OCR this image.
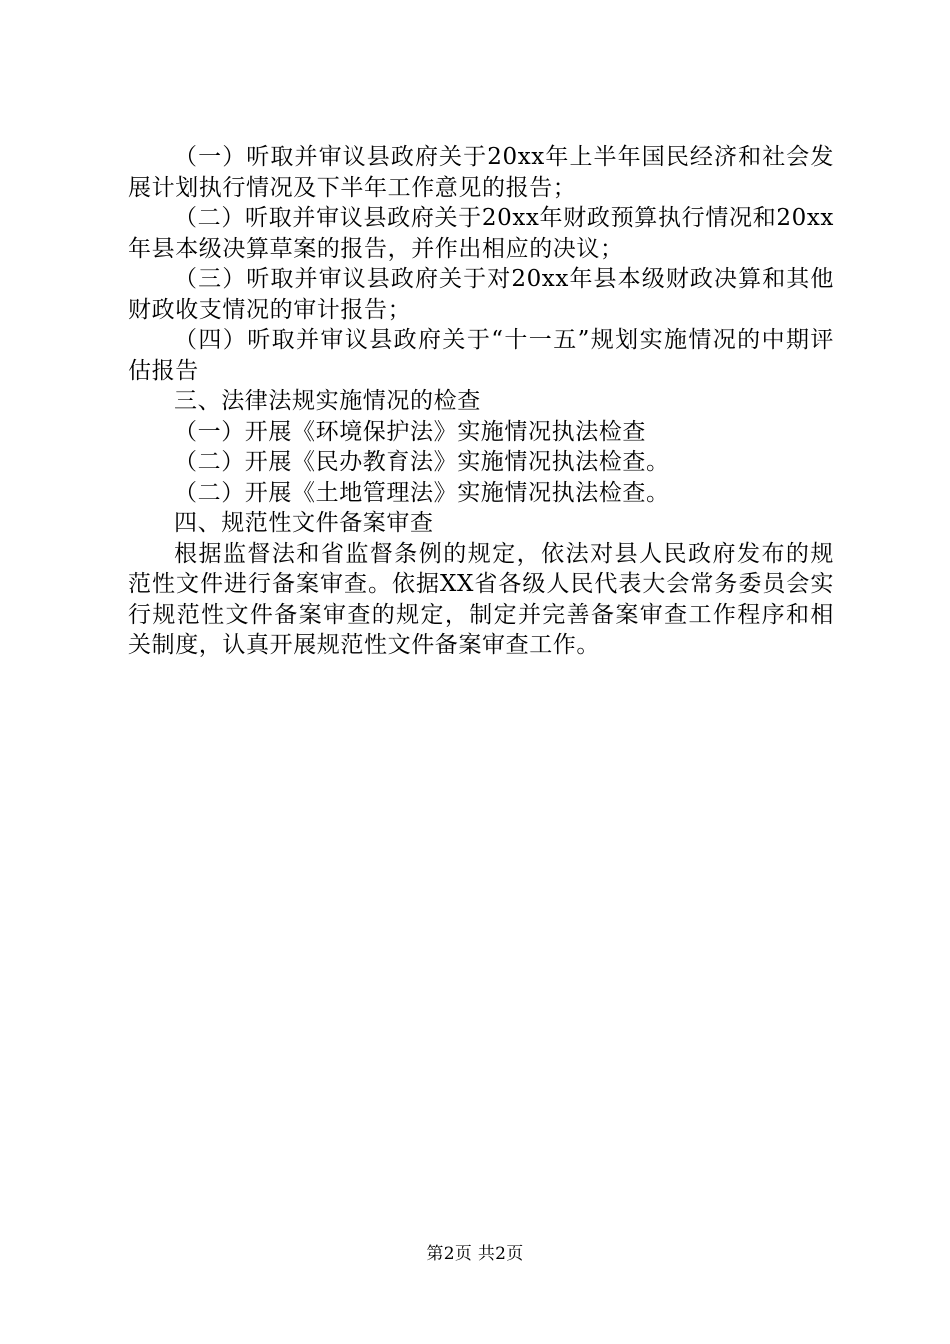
（一）听取并审议县政府关于20xx年上半年国民经济和社会发展计划执行情况及下半年工作意见的报告；

（二）听取并审议县政府关于20xx年财政预算执行情况和20xx年县本级决算草案的报告，并作出相应的决议；

（三）听取并审议县政府关于对20xx年县本级财政决算和其他财政收支情况的审计报告；

（四）听取并审议县政府关于“十一五”规划实施情况的中期评估报告

三、法律法规实施情况的检查

（一）开展《环境保护法》实施情况执法检查

（二）开展《民办教育法》实施情况执法检查。

（二）开展《土地管理法》实施情况执法检查。

四、规范性文件备案审查

根据监督法和省监督条例的规定，依法对县人民政府发布的规范性文件进行备案审查。依据XX省各级人民代表大会常务委员会实行规范性文件备案审查的规定，制定并完善备案审查工作程序和相关制度，认真开展规范性文件备案审查工作。

第2页 共2页
